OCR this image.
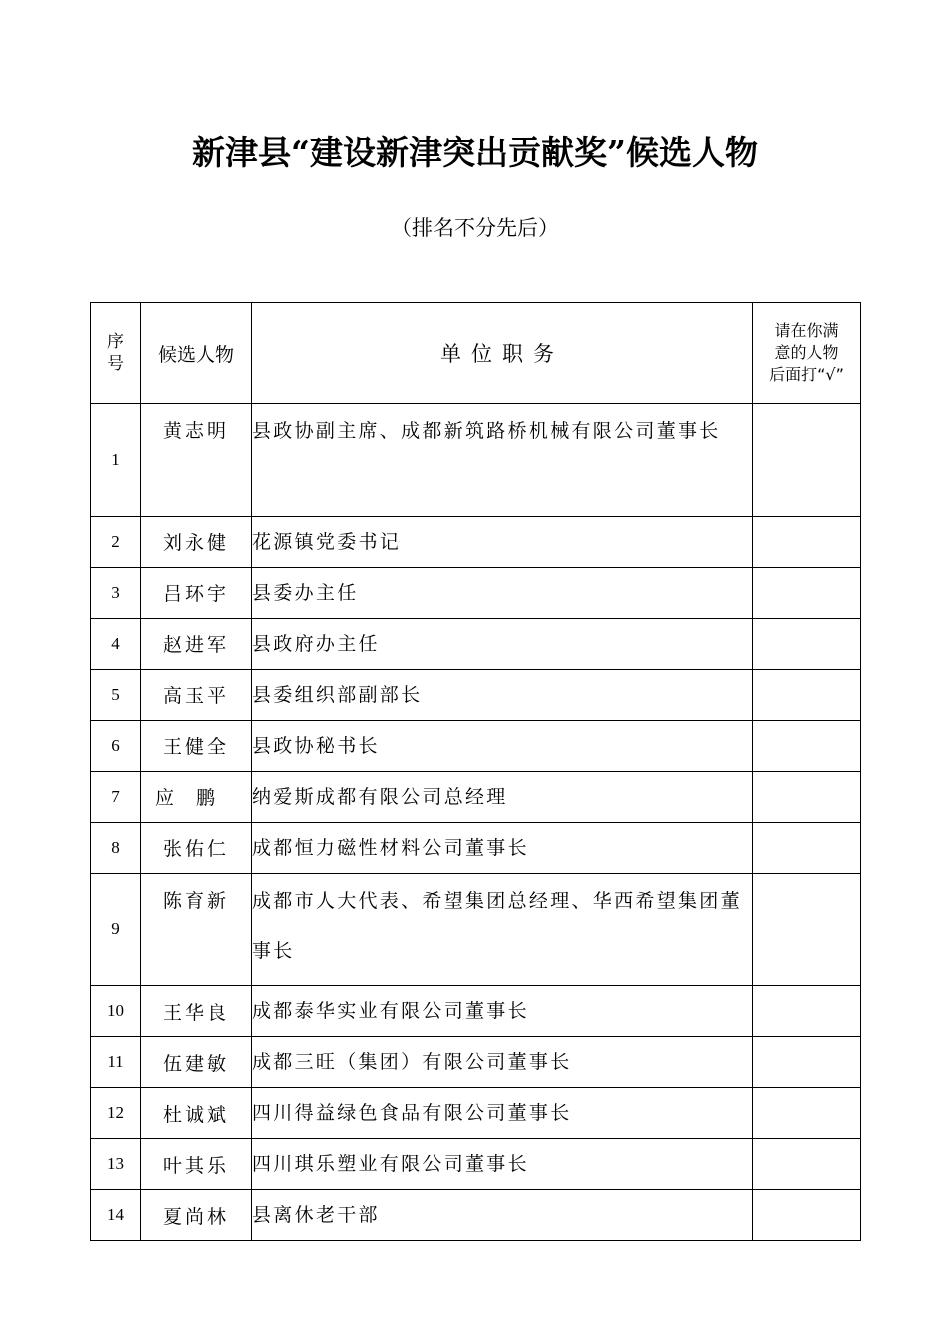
新津县“建设新津突出贡献奖”候选人物
（排名不分先后）
序号	候选人物	单位职务	请在你满意的人物后面打“√”

1	黄志明	县政协副主席、成都新筑路桥机械有限公司董事长	
2	刘永健	花源镇党委书记	
3	吕环宇	县委办主任	
4	赵进军	县政府办主任	
5	高玉平	县委组织部副部长	
6	王健全	县政协秘书长	
7	应鹏	纳爱斯成都有限公司总经理	
8	张佑仁	成都恒力磁性材料公司董事长	
9	陈育新	成都市人大代表、希望集团总经理、华西希望集团董事长	
10	王华良	成都泰华实业有限公司董事长	
11	伍建敏	成都三旺（集团）有限公司董事长	
12	杜诚斌	四川得益绿色食品有限公司董事长	
13	叶其乐	四川琪乐塑业有限公司董事长	
14	夏尚林	县离休老干部	
